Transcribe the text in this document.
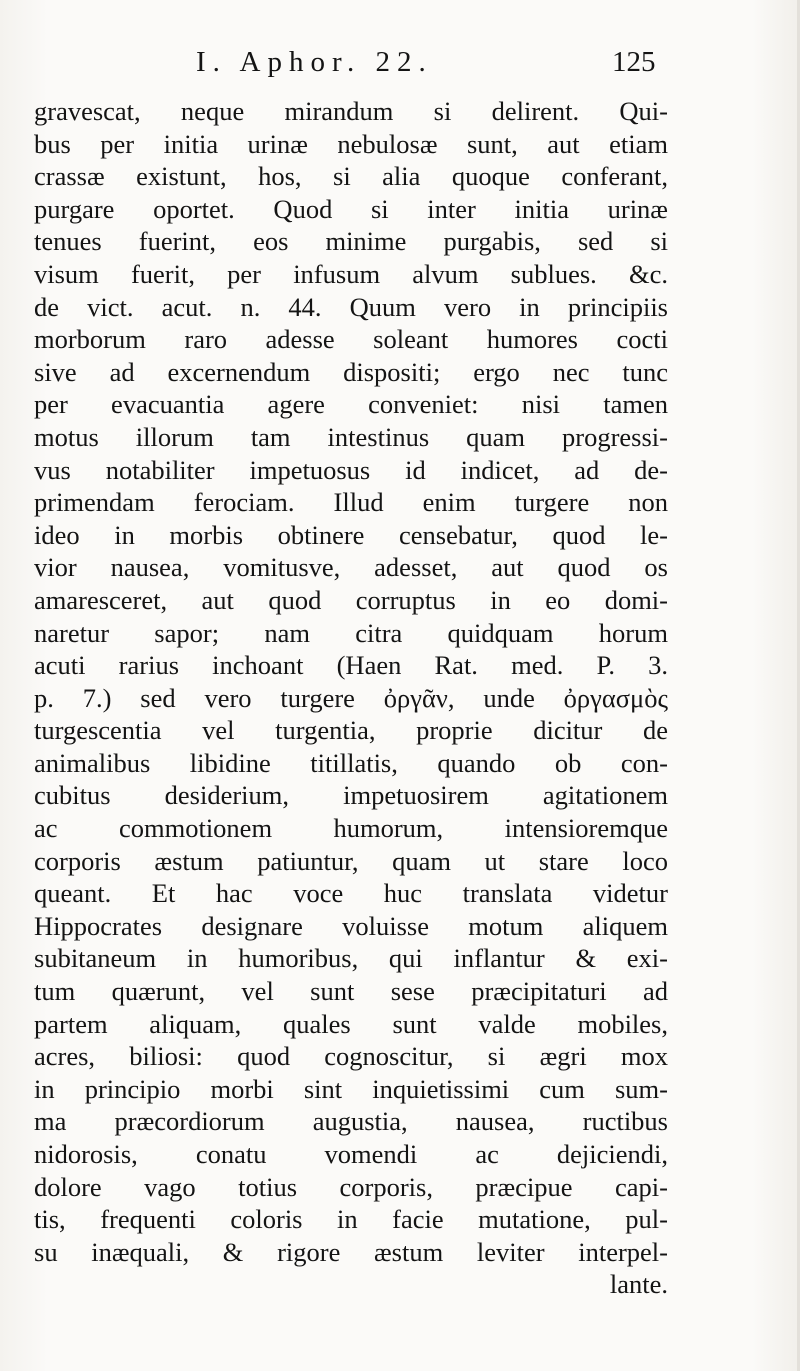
I. Aphor. 22.	125
gravescat, neque mirandum si delirent. Qui-
bus per initia urinæ nebulosæ sunt, aut etiam
crassæ existunt, hos, si alia quoque conferant,
purgare oportet. Quod si inter initia urinæ
tenues fuerint, eos minime purgabis, sed si
visum fuerit, per infusum alvum sublues. &c.
de vict. acut. n. 44. Quum vero in principiis
morborum raro adesse soleant humores cocti
sive ad excernendum dispositi; ergo nec tunc
per evacuantia agere conveniet: nisi tamen
motus illorum tam intestinus quam progressi-
vus notabiliter impetuosus id indicet, ad de-
primendam ferociam. Illud enim turgere non
ideo in morbis obtinere censebatur, quod le-
vior nausea, vomitusve, adesset, aut quod os
amaresceret, aut quod corruptus in eo domi-
naretur sapor; nam citra quidquam horum
acuti rarius inchoant (Haen Rat. med. P. 3.
p. 7.) sed vero turgere ὀργᾶν, unde ὀργασμὸς
turgescentia vel turgentia, proprie dicitur de
animalibus libidine titillatis, quando ob con-
cubitus desiderium, impetuosirem agitationem
ac commotionem humorum, intensioremque
corporis æstum patiuntur, quam ut stare loco
queant. Et hac voce huc translata videtur
Hippocrates designare voluisse motum aliquem
subitaneum in humoribus, qui inflantur & exi-
tum quærunt, vel sunt sese præcipitaturi ad
partem aliquam, quales sunt valde mobiles,
acres, biliosi: quod cognoscitur, si ægri mox
in principio morbi sint inquietissimi cum sum-
ma præcordiorum augustia, nausea, ructibus
nidorosis, conatu vomendi ac dejiciendi,
dolore vago totius corporis, præcipue capi-
tis, frequenti coloris in facie mutatione, pul-
su inæquali, & rigore æstum leviter interpel-
lante.
